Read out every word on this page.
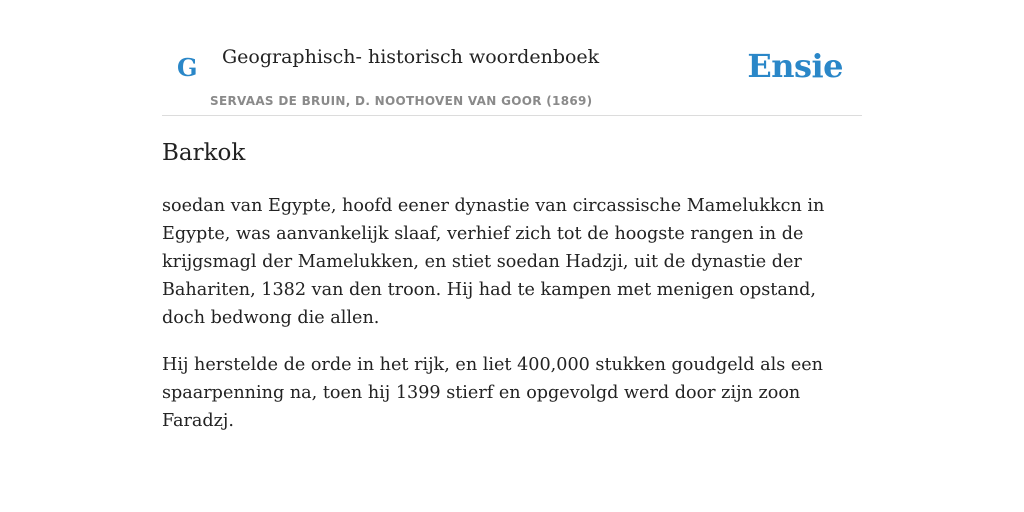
G Geographisch- historisch woordenboek
SERVAAS DE BRUIN, D. NOOTHOVEN VAN GOOR (1869)
Ensie
Barkok

soedan van Egypte, hoofd eener dynastie van circassische Mamelukkcn in Egypte, was aanvankelijk slaaf, verhief zich tot de hoogste rangen in de krijgsmagl der Mamelukken, en stiet soedan Hadzji, uit de dynastie der Bahariten, 1382 van den troon. Hij had te kampen met menigen opstand, doch bedwong die allen.

Hij herstelde de orde in het rijk, en liet 400,000 stukken goudgeld als een spaarpenning na, toen hij 1399 stierf en opgevolgd werd door zijn zoon Faradzj.
